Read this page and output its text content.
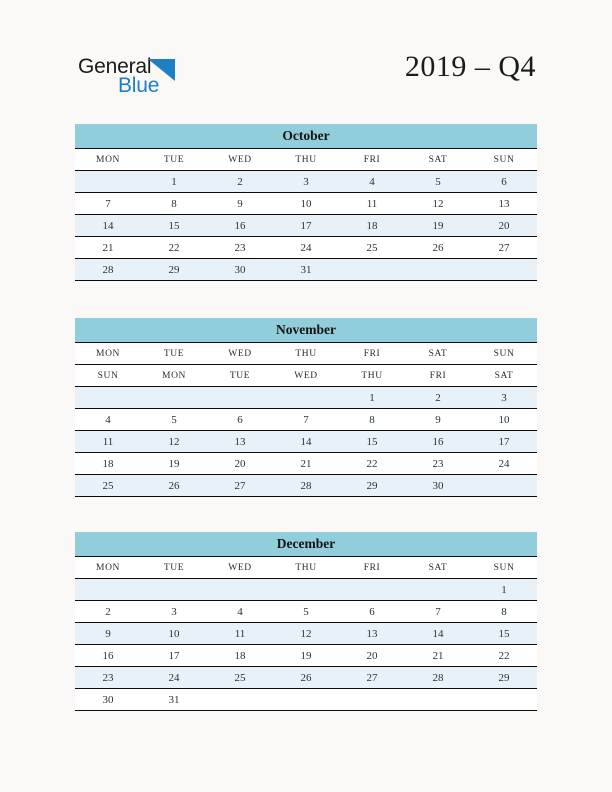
General
Blue
2019 – Q4
October
MON	TUE	WED	THU	FRI	SAT	SUN
	1	2	3	4	5	6
7	8	9	10	11	12	13
14	15	16	17	18	19	20
21	22	23	24	25	26	27
28	29	30	31			
November
MON	TUE	WED	THU	FRI	SAT	SUN
SUN	MON	TUE	WED	THU	FRI	SAT
				1	2	3
4	5	6	7	8	9	10
11	12	13	14	15	16	17
18	19	20	21	22	23	24
25	26	27	28	29	30	
December
MON	TUE	WED	THU	FRI	SAT	SUN
						1
2	3	4	5	6	7	8
9	10	11	12	13	14	15
16	17	18	19	20	21	22
23	24	25	26	27	28	29
30	31					
